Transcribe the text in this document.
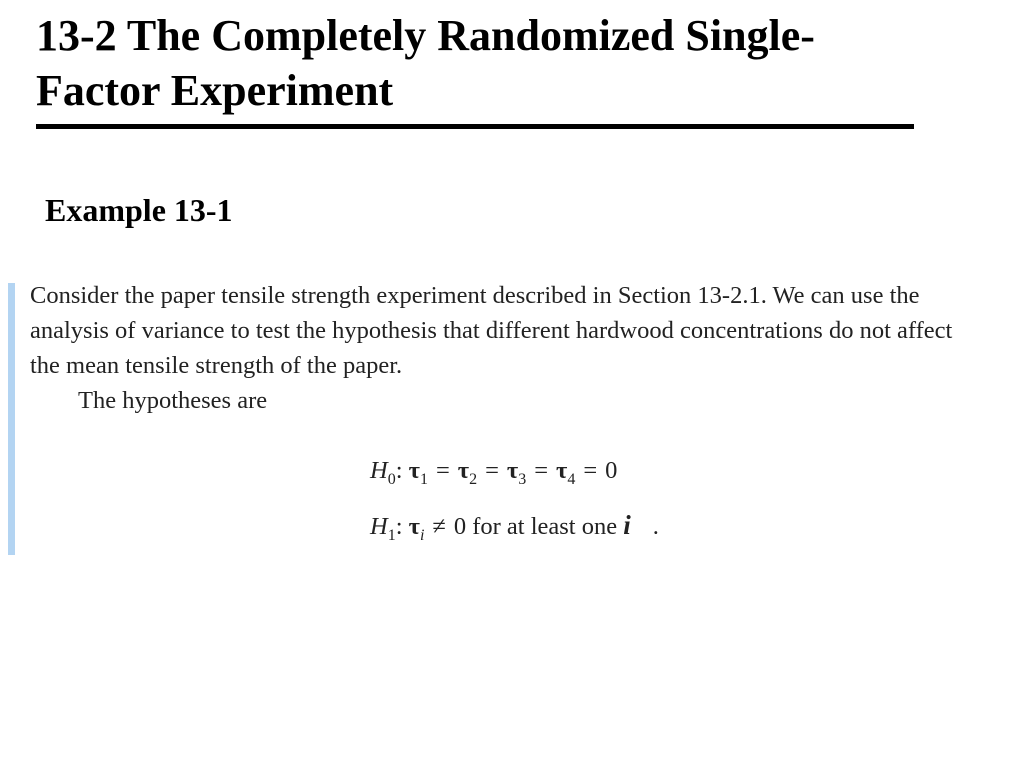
13-2 The Completely Randomized Single-
Factor Experiment
Example 13-1
Consider the paper tensile strength experiment described in Section 13-2.1. We can use the
analysis of variance to test the hypothesis that different hardwood concentrations do not affect
the mean tensile strength of the paper.
The hypotheses are
$H_0$: $\tau_1 = \tau_2 = \tau_3 = \tau_4 = 0$
$H_1$: $\tau_i \ne 0$ for at least one i .
